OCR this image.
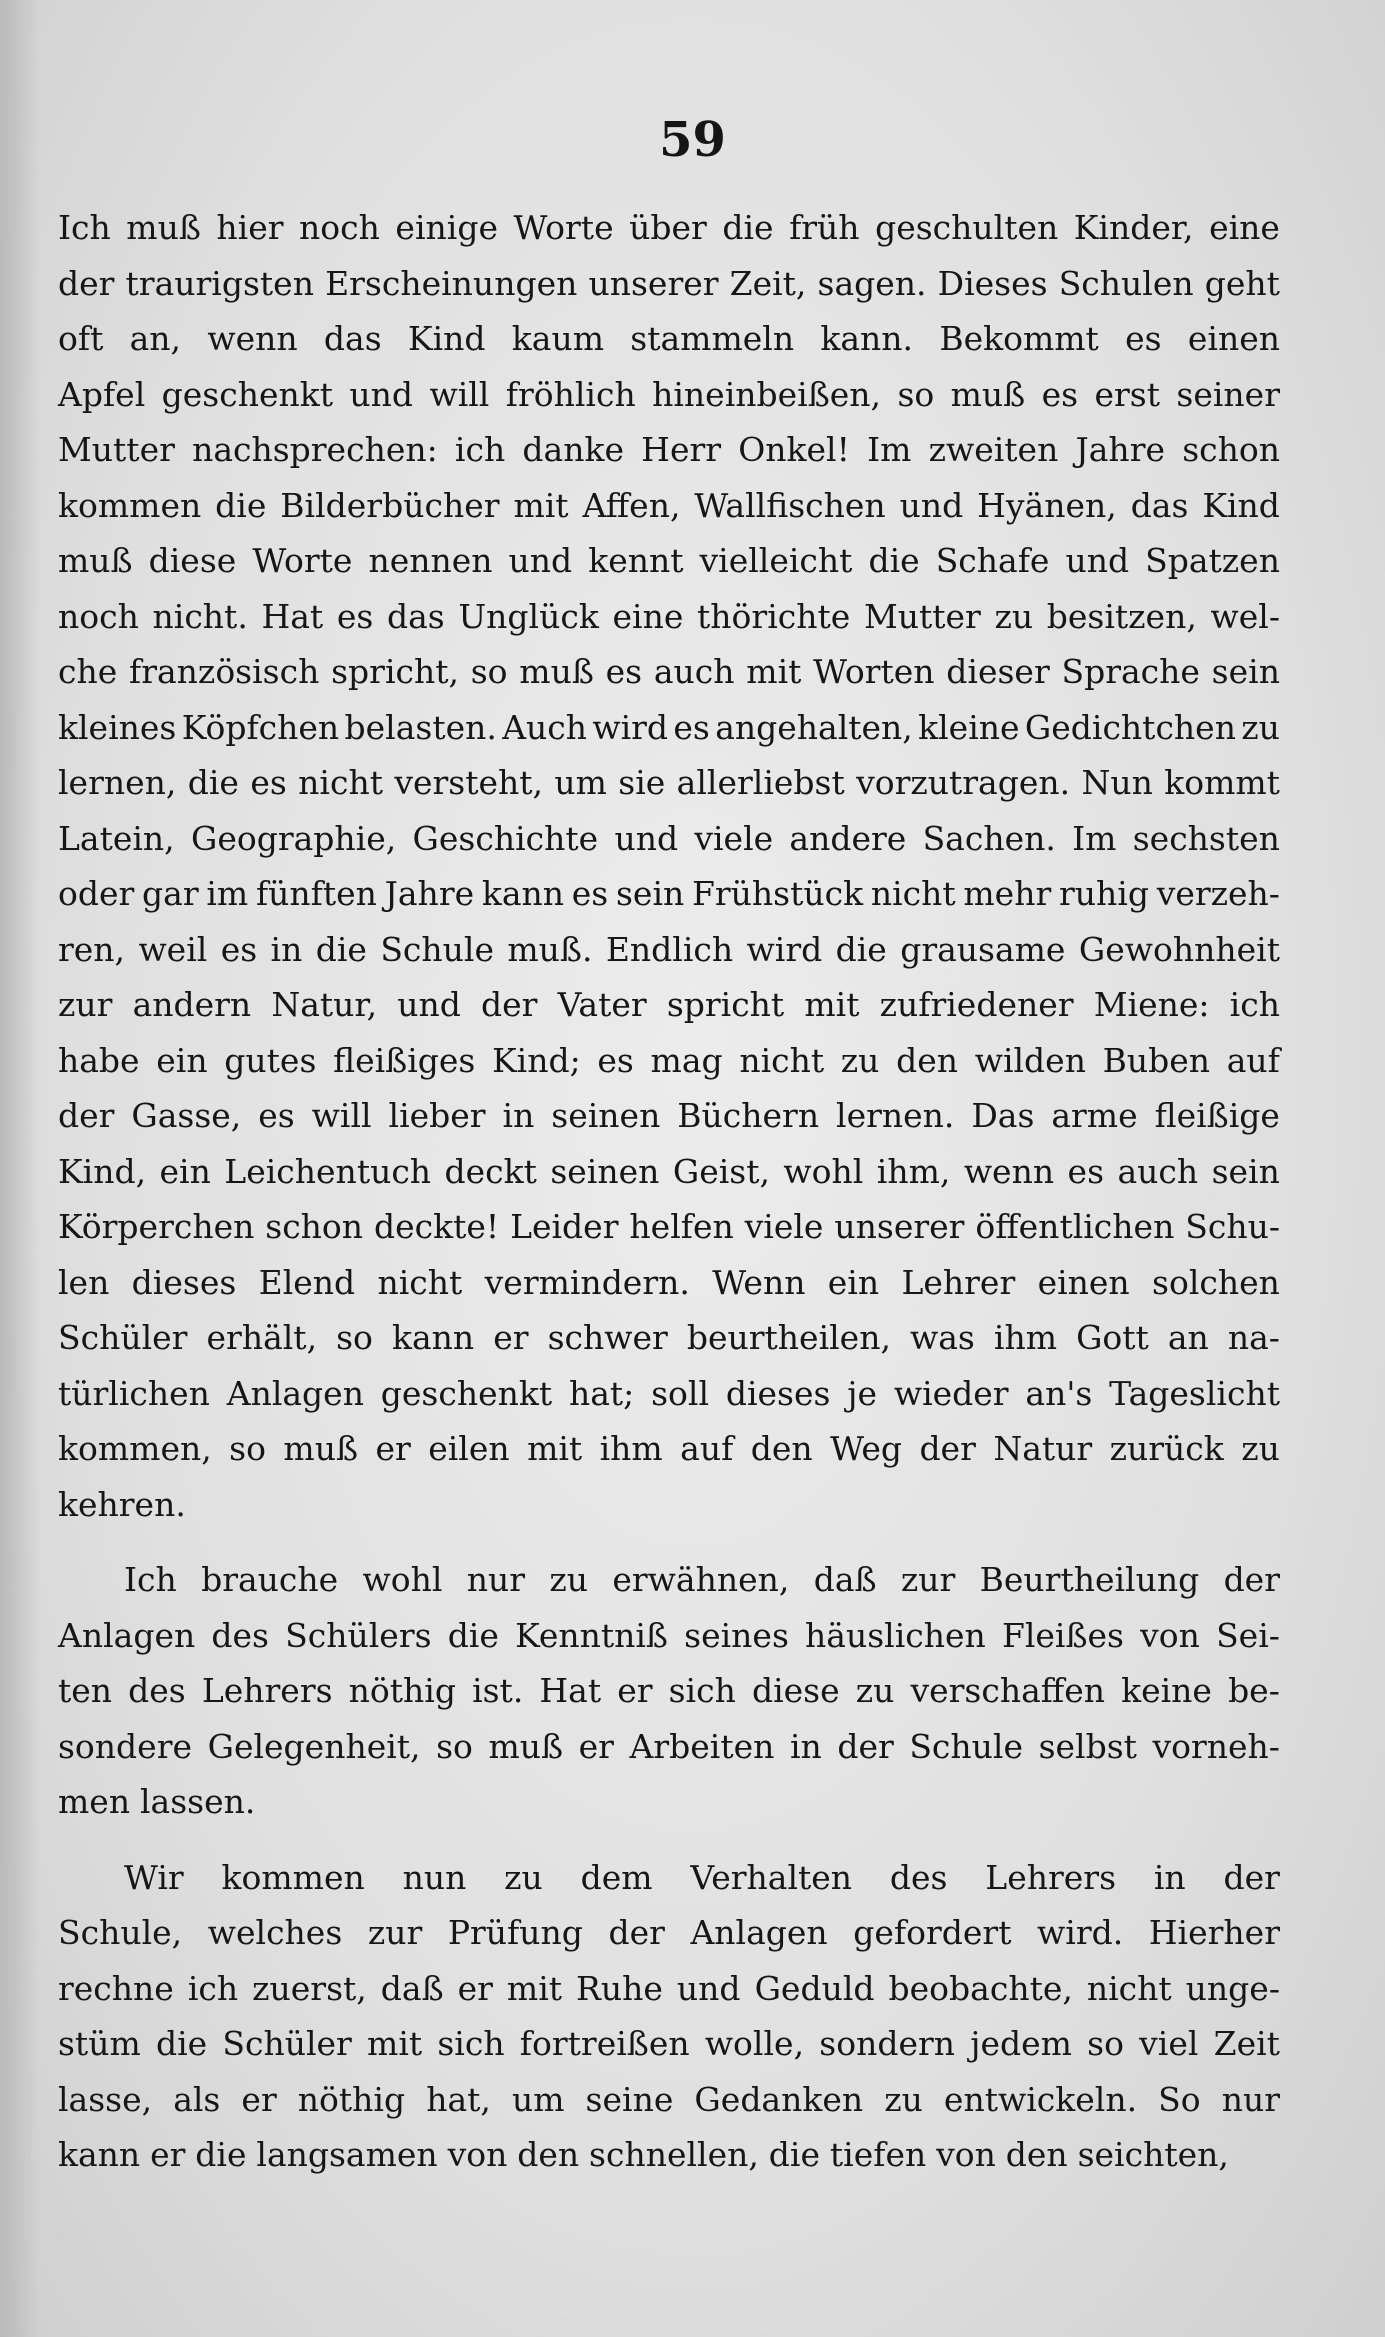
59
Ich muß hier noch einige Worte über die früh geschulten Kinder, eine
der traurigsten Erscheinungen unserer Zeit, sagen. Dieses Schulen geht
oft an, wenn das Kind kaum stammeln kann. Bekommt es einen
Apfel geschenkt und will fröhlich hineinbeißen, so muß es erst seiner
Mutter nachsprechen: ich danke Herr Onkel! Im zweiten Jahre schon
kommen die Bilderbücher mit Affen, Wallfischen und Hyänen, das Kind
muß diese Worte nennen und kennt vielleicht die Schafe und Spatzen
noch nicht. Hat es das Unglück eine thörichte Mutter zu besitzen, wel-
che französisch spricht, so muß es auch mit Worten dieser Sprache sein
kleines Köpfchen belasten. Auch wird es angehalten, kleine Gedichtchen zu
lernen, die es nicht versteht, um sie allerliebst vorzutragen. Nun kommt
Latein, Geographie, Geschichte und viele andere Sachen. Im sechsten
oder gar im fünften Jahre kann es sein Frühstück nicht mehr ruhig verzeh-
ren, weil es in die Schule muß. Endlich wird die grausame Gewohnheit
zur andern Natur, und der Vater spricht mit zufriedener Miene: ich
habe ein gutes fleißiges Kind; es mag nicht zu den wilden Buben auf
der Gasse, es will lieber in seinen Büchern lernen. Das arme fleißige
Kind, ein Leichentuch deckt seinen Geist, wohl ihm, wenn es auch sein
Körperchen schon deckte! Leider helfen viele unserer öffentlichen Schu-
len dieses Elend nicht vermindern. Wenn ein Lehrer einen solchen
Schüler erhält, so kann er schwer beurtheilen, was ihm Gott an na-
türlichen Anlagen geschenkt hat; soll dieses je wieder an's Tageslicht
kommen, so muß er eilen mit ihm auf den Weg der Natur zurück zu
kehren.
Ich brauche wohl nur zu erwähnen, daß zur Beurtheilung der
Anlagen des Schülers die Kenntniß seines häuslichen Fleißes von Sei-
ten des Lehrers nöthig ist. Hat er sich diese zu verschaffen keine be-
sondere Gelegenheit, so muß er Arbeiten in der Schule selbst vorneh-
men lassen.
Wir kommen nun zu dem Verhalten des Lehrers in der
Schule, welches zur Prüfung der Anlagen gefordert wird. Hierher
rechne ich zuerst, daß er mit Ruhe und Geduld beobachte, nicht unge-
stüm die Schüler mit sich fortreißen wolle, sondern jedem so viel Zeit
lasse, als er nöthig hat, um seine Gedanken zu entwickeln. So nur
kann er die langsamen von den schnellen, die tiefen von den seichten,
